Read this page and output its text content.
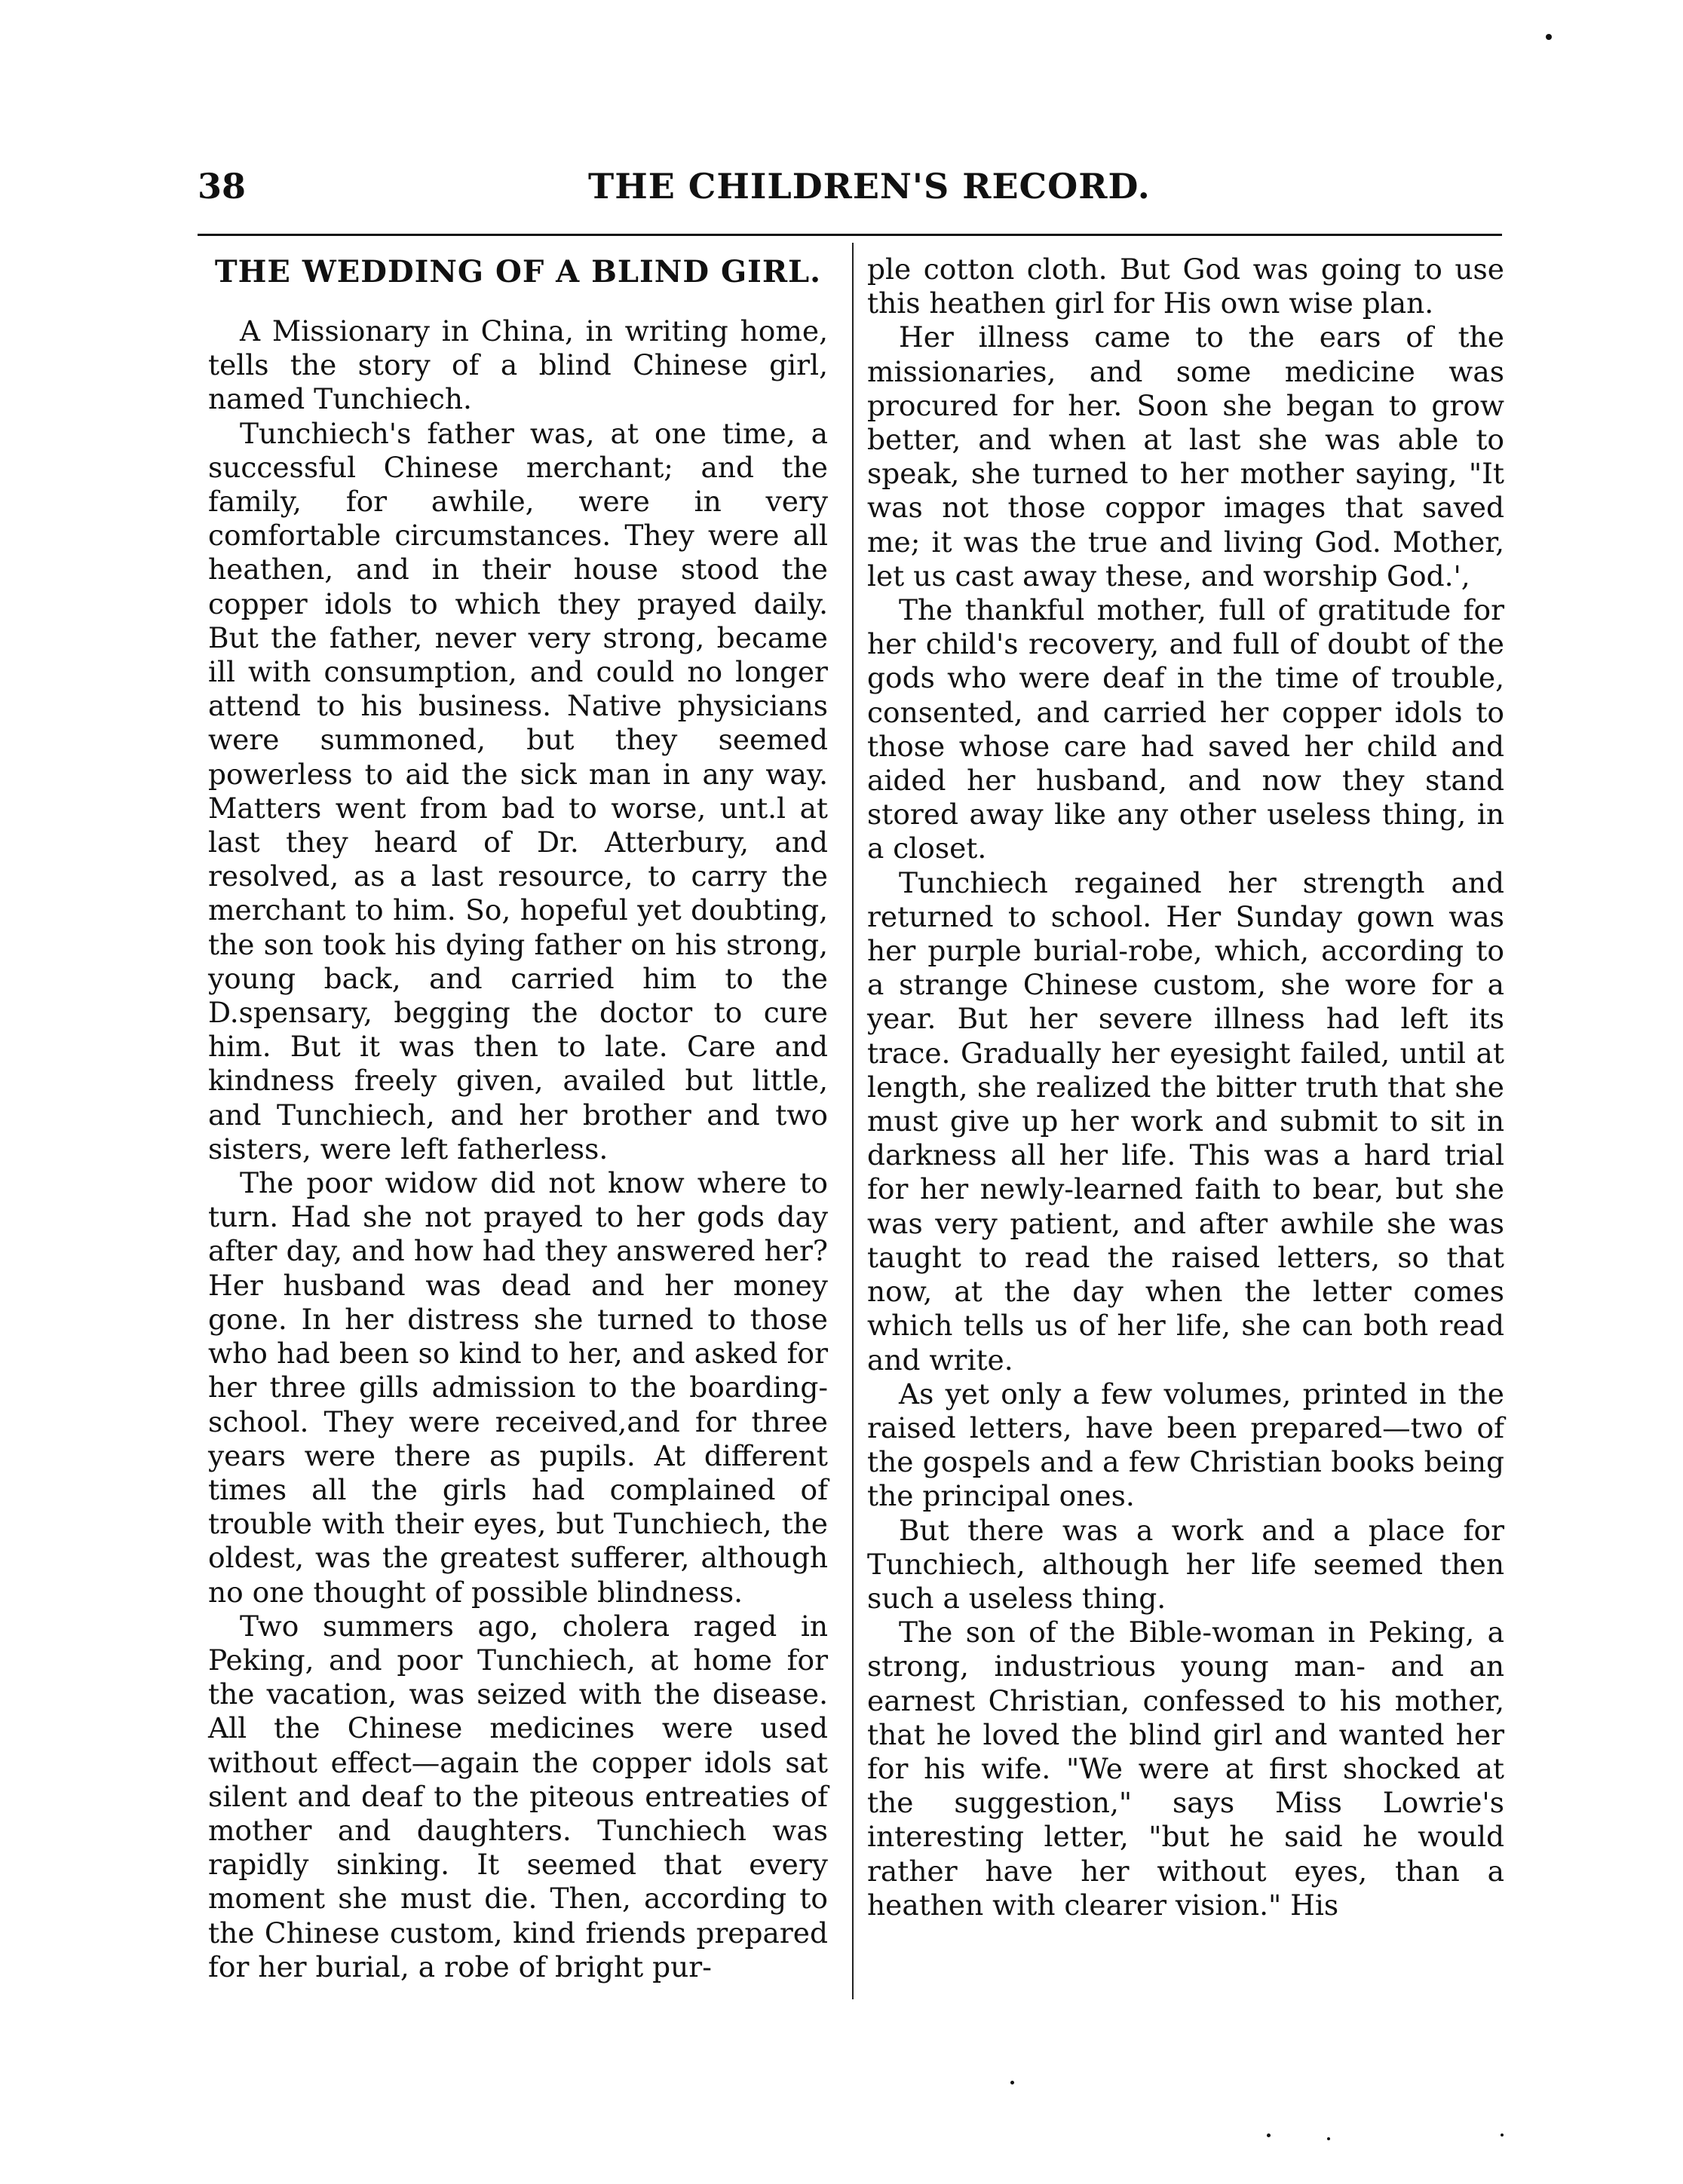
38	THE CHILDREN'S RECORD.
THE WEDDING OF A BLIND GIRL.

A Missionary in China, in writing home, tells the story of a blind Chinese girl, named Tunchiech.

Tunchiech's father was, at one time, a successful Chinese merchant; and the family, for awhile, were in very comfortable circumstances. They were all heathen, and in their house stood the copper idols to which they prayed daily. But the father, never very strong, became ill with consumption, and could no longer attend to his business. Native physicians were summoned, but they seemed powerless to aid the sick man in any way. Matters went from bad to worse, unt.l at last they heard of Dr. Atterbury, and resolved, as a last resource, to carry the merchant to him. So, hopeful yet doubting, the son took his dying father on his strong, young back, and carried him to the D.spensary, begging the doctor to cure him. But it was then to late. Care and kindness freely given, availed but little, and Tunchiech, and her brother and two sisters, were left fatherless.

The poor widow did not know where to turn. Had she not prayed to her gods day after day, and how had they answered her? Her husband was dead and her money gone. In her distress she turned to those who had been so kind to her, and asked for her three gills admission to the boarding-school. They were received,and for three years were there as pupils. At different times all the girls had complained of trouble with their eyes, but Tunchiech, the oldest, was the greatest sufferer, although no one thought of possible blindness.

Two summers ago, cholera raged in Peking, and poor Tunchiech, at home for the vacation, was seized with the disease. All the Chinese medicines were used without effect—again the copper idols sat silent and deaf to the piteous entreaties of mother and daughters. Tunchiech was rapidly sinking. It seemed that every moment she must die. Then, according to the Chinese custom, kind friends prepared for her burial, a robe of bright pur-

ple cotton cloth. But God was going to use this heathen girl for His own wise plan.

Her illness came to the ears of the missionaries, and some medicine was procured for her. Soon she began to grow better, and when at last she was able to speak, she turned to her mother saying, "It was not those coppor images that saved me; it was the true and living God. Mother, let us cast away these, and worship God.',

The thankful mother, full of gratitude for her child's recovery, and full of doubt of the gods who were deaf in the time of trouble, consented, and carried her copper idols to those whose care had saved her child and aided her husband, and now they stand stored away like any other useless thing, in a closet.

Tunchiech regained her strength and returned to school. Her Sunday gown was her purple burial-robe, which, according to a strange Chinese custom, she wore for a year. But her severe illness had left its trace. Gradually her eyesight failed, until at length, she realized the bitter truth that she must give up her work and submit to sit in darkness all her life. This was a hard trial for her newly-learned faith to bear, but she was very patient, and after awhile she was taught to read the raised letters, so that now, at the day when the letter comes which tells us of her life, she can both read and write.

As yet only a few volumes, printed in the raised letters, have been prepared—two of the gospels and a few Christian books being the principal ones.

But there was a work and a place for Tunchiech, although her life seemed then such a useless thing.

The son of the Bible-woman in Peking, a strong, industrious young man- and an earnest Christian, confessed to his mother, that he loved the blind girl and wanted her for his wife. "We were at first shocked at the suggestion," says Miss Lowrie's interesting letter, "but he said he would rather have her without eyes, than a heathen with clearer vision." His
